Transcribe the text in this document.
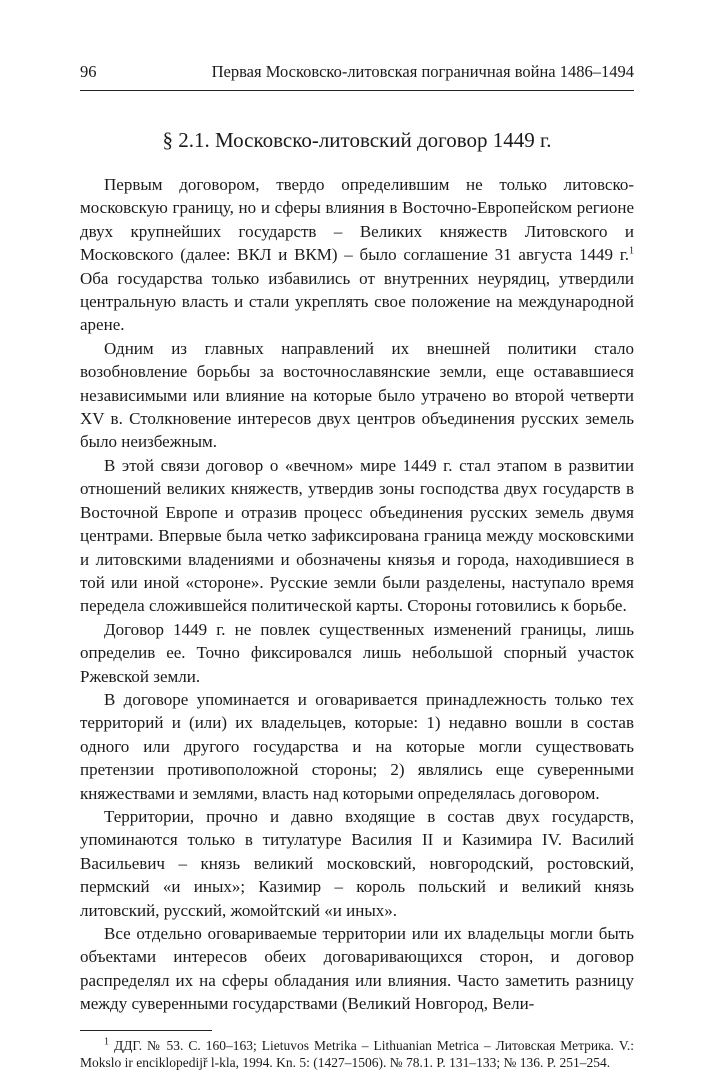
96	Первая Московско-литовская пограничная война 1486–1494
§ 2.1. Московско-литовский договор 1449 г.

Первым договором, твердо определившим не только литовско-московскую границу, но и сферы влияния в Восточно-Европейском регионе двух крупнейших государств – Великих княжеств Литовского и Московского (далее: ВКЛ и ВКМ) – было соглашение 31 августа 1449 г.$^1$ Оба государства только избавились от внутренних неурядиц, утвердили центральную власть и стали укреплять свое положение на международной арене.

Одним из главных направлений их внешней политики стало возобновление борьбы за восточнославянские земли, еще остававшиеся независимыми или влияние на которые было утрачено во второй четверти XV в. Столкновение интересов двух центров объединения русских земель было неизбежным.

В этой связи договор о «вечном» мире 1449 г. стал этапом в развитии отношений великих княжеств, утвердив зоны господства двух государств в Восточной Европе и отразив процесс объединения русских земель двумя центрами. Впервые была четко зафиксирована граница между московскими и литовскими владениями и обозначены князья и города, находившиеся в той или иной «стороне». Русские земли были разделены, наступало время передела сложившейся политической карты. Стороны готовились к борьбе.

Договор 1449 г. не повлек существенных изменений границы, лишь определив ее. Точно фиксировался лишь небольшой спорный участок Ржевской земли.

В договоре упоминается и оговаривается принадлежность только тех территорий и (или) их владельцев, которые: 1) недавно вошли в состав одного или другого государства и на которые могли существовать претензии противоположной стороны; 2) являлись еще суверенными княжествами и землями, власть над которыми определялась договором.

Территории, прочно и давно входящие в состав двух государств, упоминаются только в титулатуре Василия II и Казимира IV. Василий Васильевич – князь великий московский, новгородский, ростовский, пермский «и иных»; Казимир – король польский и великий князь литовский, русский, жомойтский «и иных».

Все отдельно оговариваемые территории или их владельцы могли быть объектами интересов обеих договаривающихся сторон, и договор распределял их на сферы обладания или влияния. Часто заметить разницу между суверенными государствами (Великий Новгород, Вели-

$^1$ ДДГ. № 53. С. 160–163; Lietuvos Metrika – Lithuanian Metrica – Литовская Метрика. V.: Mokslo ir enciklopedijř l-kla, 1994. Kn. 5: (1427–1506). № 78.1. P. 131–133; № 136. P. 251–254.
